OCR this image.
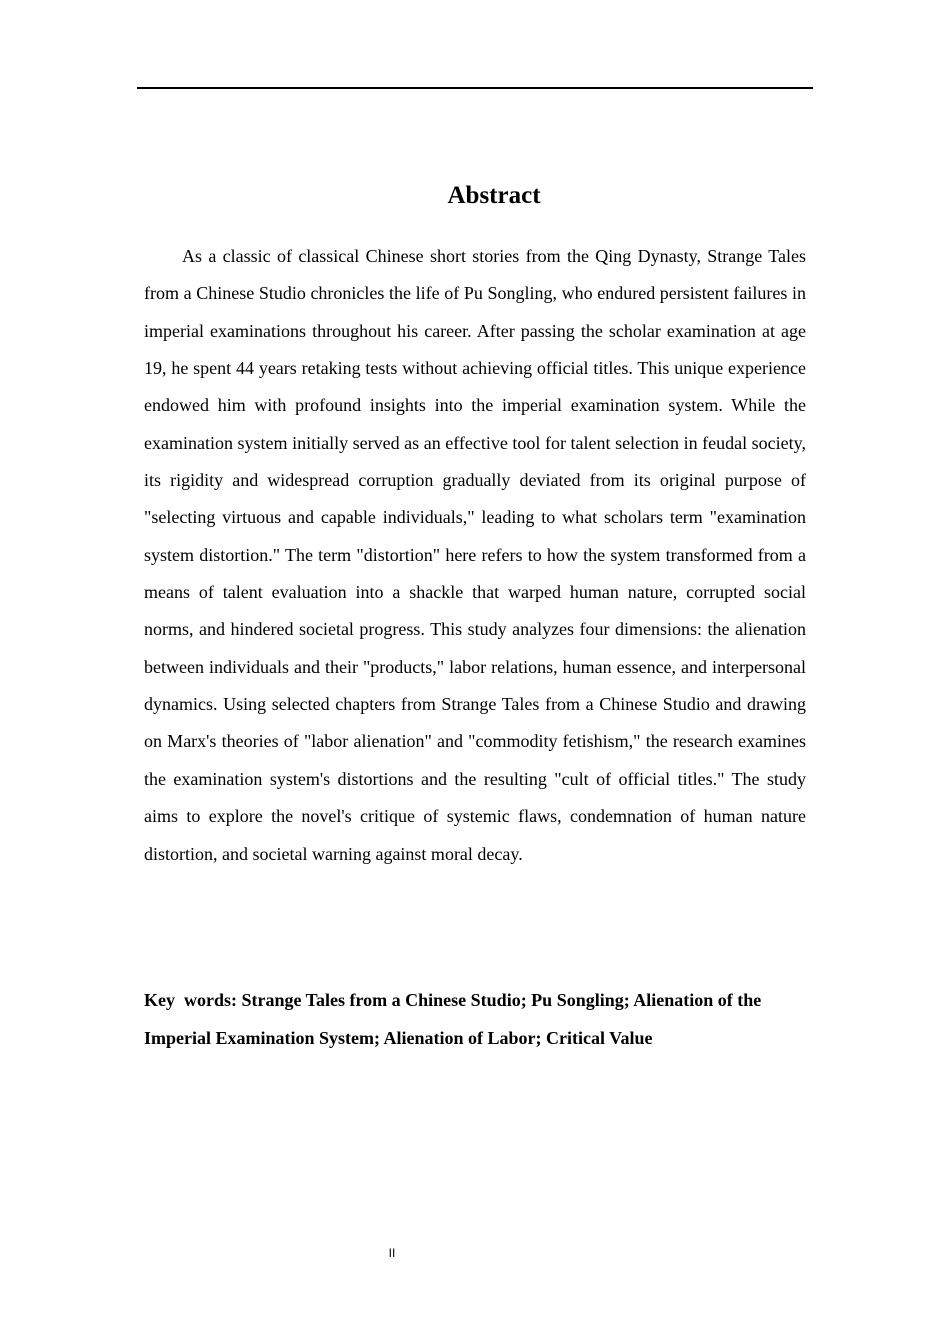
Abstract

As a classic of classical Chinese short stories from the Qing Dynasty, Strange Tales from a Chinese Studio chronicles the life of Pu Songling, who endured persistent failures in imperial examinations throughout his career. After passing the scholar examination at age 19, he spent 44 years retaking tests without achieving official titles. This unique experience endowed him with profound insights into the imperial examination system. While the examination system initially served as an effective tool for talent selection in feudal society, its rigidity and widespread corruption gradually deviated from its original purpose of "selecting virtuous and capable individuals," leading to what scholars term "examination system distortion." The term "distortion" here refers to how the system transformed from a means of talent evaluation into a shackle that warped human nature, corrupted social norms, and hindered societal progress. This study analyzes four dimensions: the alienation between individuals and their "products," labor relations, human essence, and interpersonal dynamics. Using selected chapters from Strange Tales from a Chinese Studio and drawing on Marx's theories of "labor alienation" and "commodity fetishism," the research examines the examination system's distortions and the resulting "cult of official titles." The study aims to explore the novel's critique of systemic flaws, condemnation of human nature distortion, and societal warning against moral decay.

Key  words: Strange Tales from a Chinese Studio; Pu Songling; Alienation of the Imperial Examination System; Alienation of Labor; Critical Value

II
